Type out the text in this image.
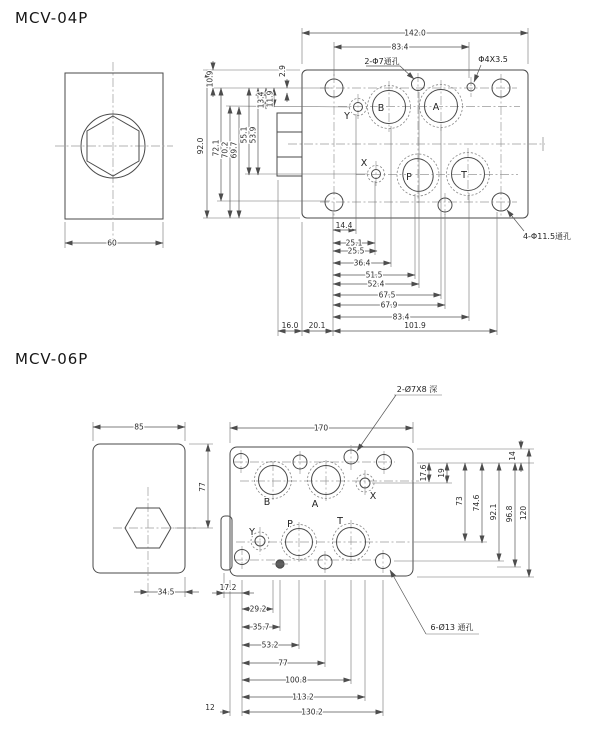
MCV-04P
60
B	A
P	T
X
Y
142.0
83.4
2-Φ7通孔	Φ4X3.5
92.0
10.9
72.1 70.2 69.7
55.1 53.9
13.4 11.9
2.9
14.4
25.1
25.5
36.4
51.5
52.4
67.5
67.9
83.4
101.9
16.0 20.1
4-Φ11.5通孔
MCV-06P
85
77
34.5
B	A
P	T
X
Y
170
2-Ø7X8 深
17.6 19
73 74.6
92.1 96.8
14
120
17.2
29.2
35.7
53.2
77
100.8
113.2
130.2
12
6-Ø13 通孔
